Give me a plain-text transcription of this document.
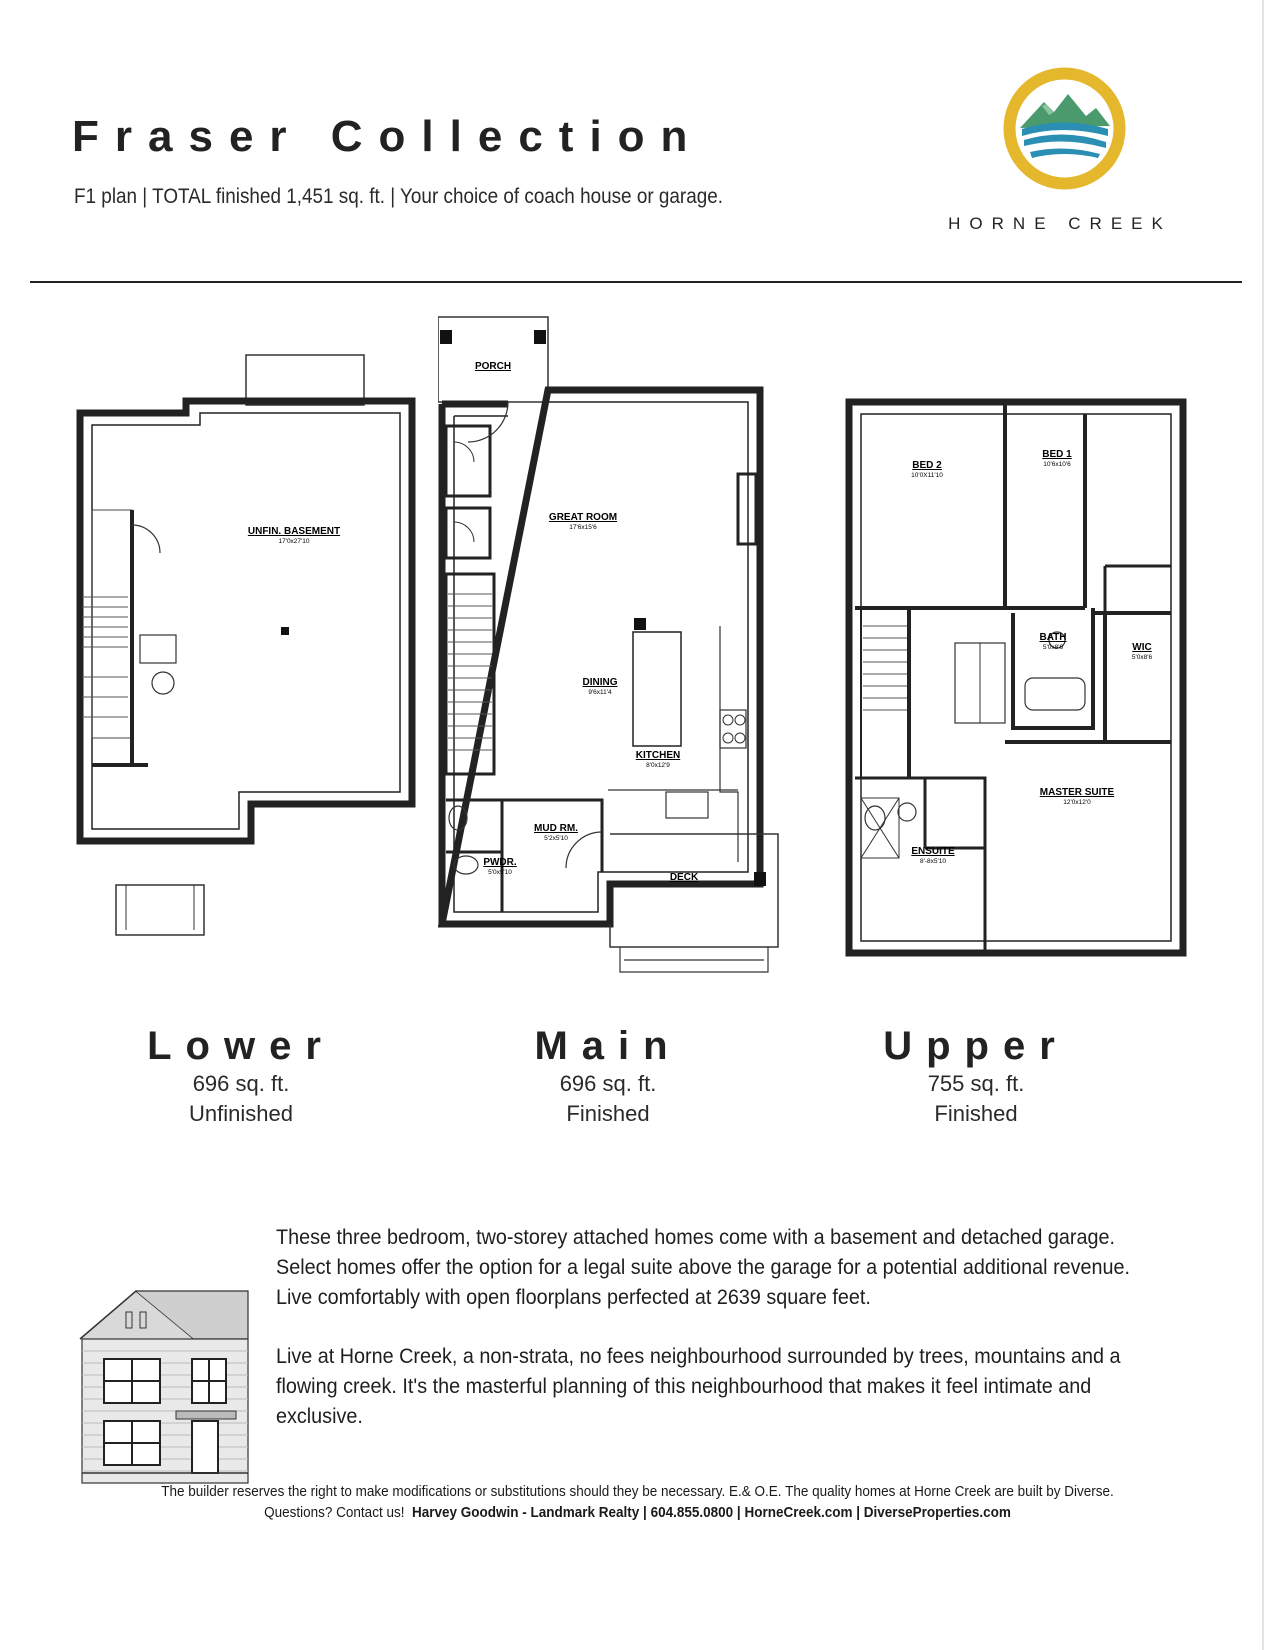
Fraser Collection
F1 plan | TOTAL finished 1,451 sq. ft. | Your choice of coach house or garage.
HORNE CREEK
UNFIN. BASEMENT
17'0x27'10
PORCH
GREAT ROOM
17'6x15'6
DINING
9'6x11'4
KITCHEN
8'0x12'9
MUD RM.
5'2x5'10
PWDR.
5'0x5'10	DECK
BED 2
10'0X11'10
BED 1
10'6x10'6
BATH
5'0x8'6	WIC
5'0x8'6
MASTER SUITE
12'0x12'0
ENSUITE
8'-8x5'10
Lower
696 sq. ft.
Unfinished
Main
696 sq. ft.
Finished
Upper
755 sq. ft.
Finished
These three bedroom, two-storey attached homes come with a basement and detached garage. Select homes offer the option for a legal suite above the garage for a potential additional revenue. Live comfortably with open floorplans perfected at 2639 square feet.
Live at Horne Creek, a non-strata, no fees neighbourhood surrounded by trees, mountains and a flowing creek. It's the masterful planning of this neighbourhood that makes it feel intimate and exclusive.
The builder reserves the right to make modifications or substitutions should they be necessary. E.& O.E. The quality homes at Horne Creek are built by Diverse.
Questions? Contact us! Harvey Goodwin - Landmark Realty | 604.855.0800 | HorneCreek.com | DiverseProperties.com
